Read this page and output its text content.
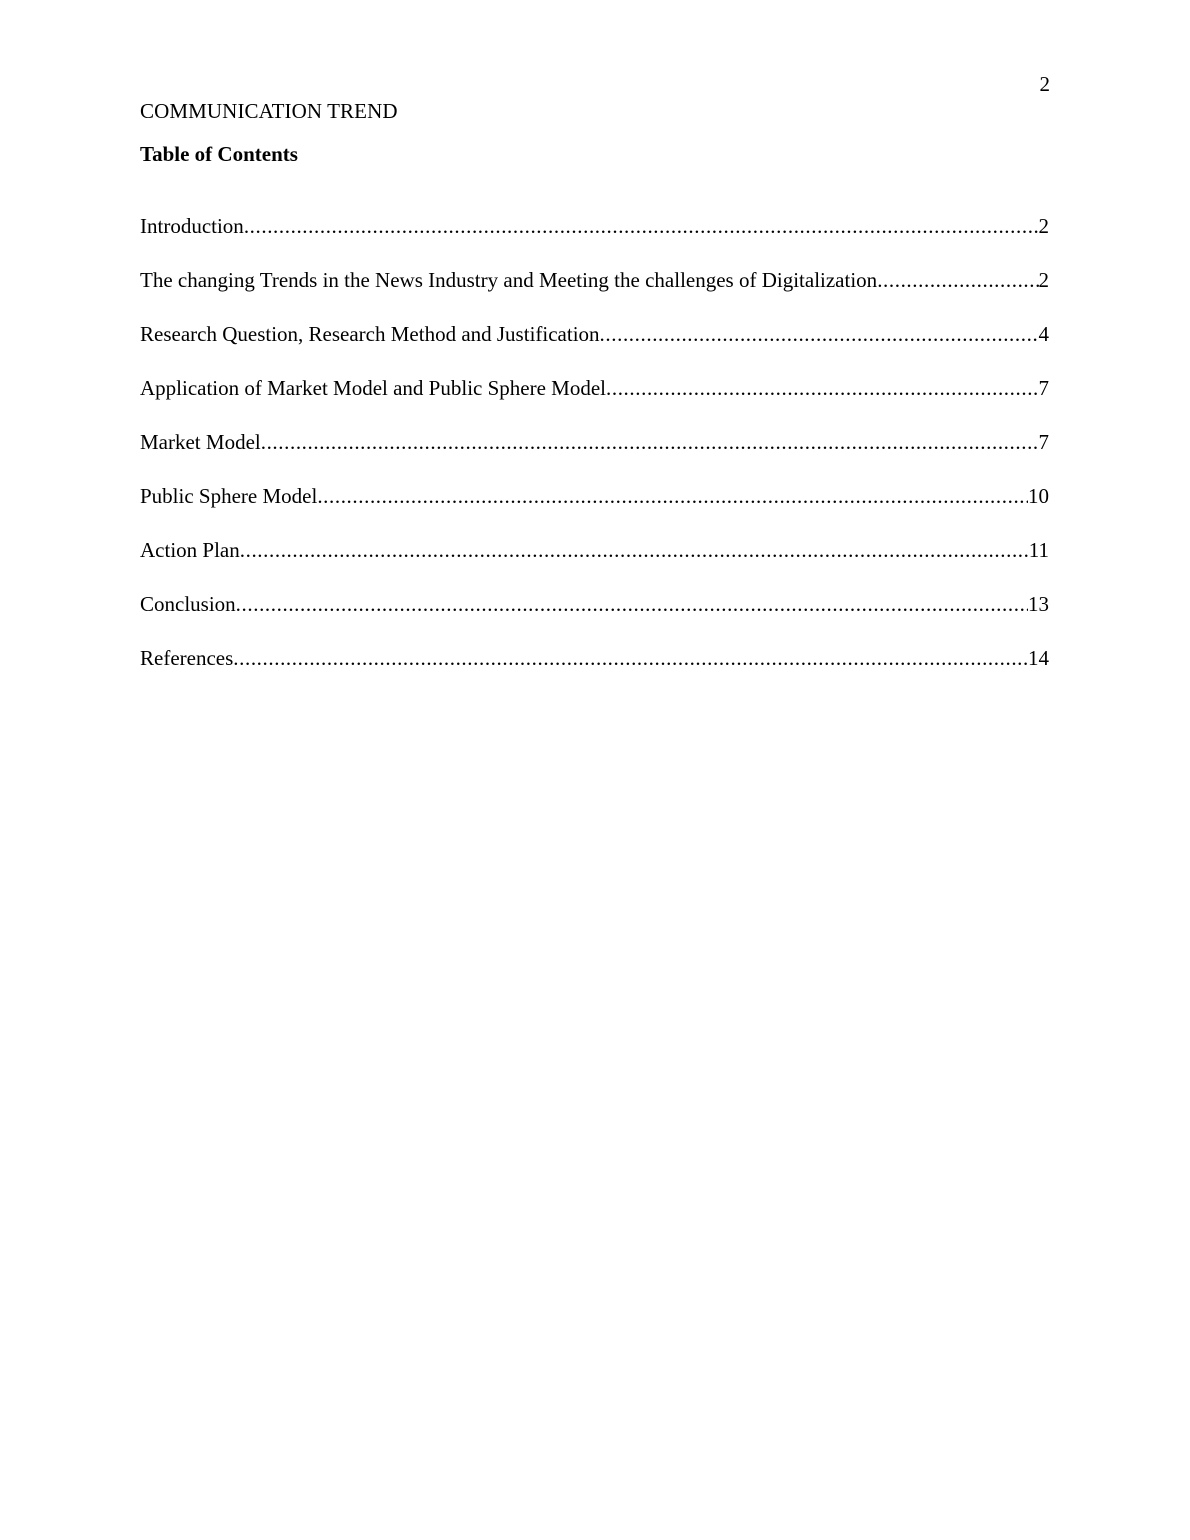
2
COMMUNICATION TREND
Table of Contents
Introduction .....	2
The changing Trends in the News Industry and Meeting the challenges of Digitalization .....	2
Research Question, Research Method and Justification .....	4
Application of Market Model and Public Sphere Model .....	7
Market Model .....	7
Public Sphere Model .....	10
Action Plan .....	11
Conclusion .....	13
References .....	14
